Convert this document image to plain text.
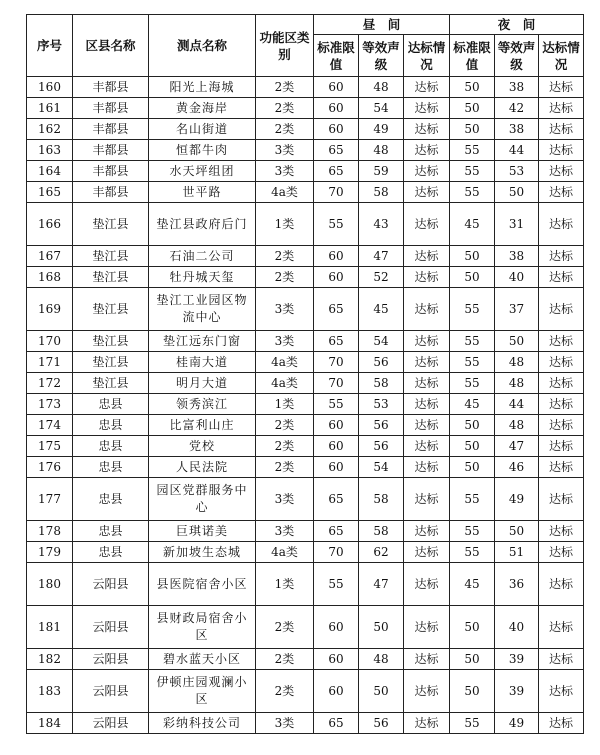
序号	区县名称	测点名称	功能区类别	昼　间			夜　间		
				标准限值	等效声级	达标情况	标准限值	等效声级	达标情况
160	丰都县	阳光上海城	2类	60	48	达标	50	38	达标
161	丰都县	黄金海岸	2类	60	54	达标	50	42	达标
162	丰都县	名山街道	2类	60	49	达标	50	38	达标
163	丰都县	恒都牛肉	3类	65	48	达标	55	44	达标
164	丰都县	水天坪组团	3类	65	59	达标	55	53	达标
165	丰都县	世平路	4a类	70	58	达标	55	50	达标
166	垫江县	垫江县政府后门	1类	55	43	达标	45	31	达标
167	垫江县	石油二公司	2类	60	47	达标	50	38	达标
168	垫江县	牡丹城天玺	2类	60	52	达标	50	40	达标
169	垫江县	垫江工业园区物流中心	3类	65	45	达标	55	37	达标
170	垫江县	垫江远东门窗	3类	65	54	达标	55	50	达标
171	垫江县	桂南大道	4a类	70	56	达标	55	48	达标
172	垫江县	明月大道	4a类	70	58	达标	55	48	达标
173	忠县	领秀滨江	1类	55	53	达标	45	44	达标
174	忠县	比富利山庄	2类	60	56	达标	50	48	达标
175	忠县	党校	2类	60	56	达标	50	47	达标
176	忠县	人民法院	2类	60	54	达标	50	46	达标
177	忠县	园区党群服务中心	3类	65	58	达标	55	49	达标
178	忠县	巨琪诺美	3类	65	58	达标	55	50	达标
179	忠县	新加坡生态城	4a类	70	62	达标	55	51	达标
180	云阳县	县医院宿舍小区	1类	55	47	达标	45	36	达标
181	云阳县	县财政局宿舍小区	2类	60	50	达标	50	40	达标
182	云阳县	碧水蓝天小区	2类	60	48	达标	50	39	达标
183	云阳县	伊顿庄园观澜小区	2类	60	50	达标	50	39	达标
184	云阳县	彩纳科技公司	3类	65	56	达标	55	49	达标
